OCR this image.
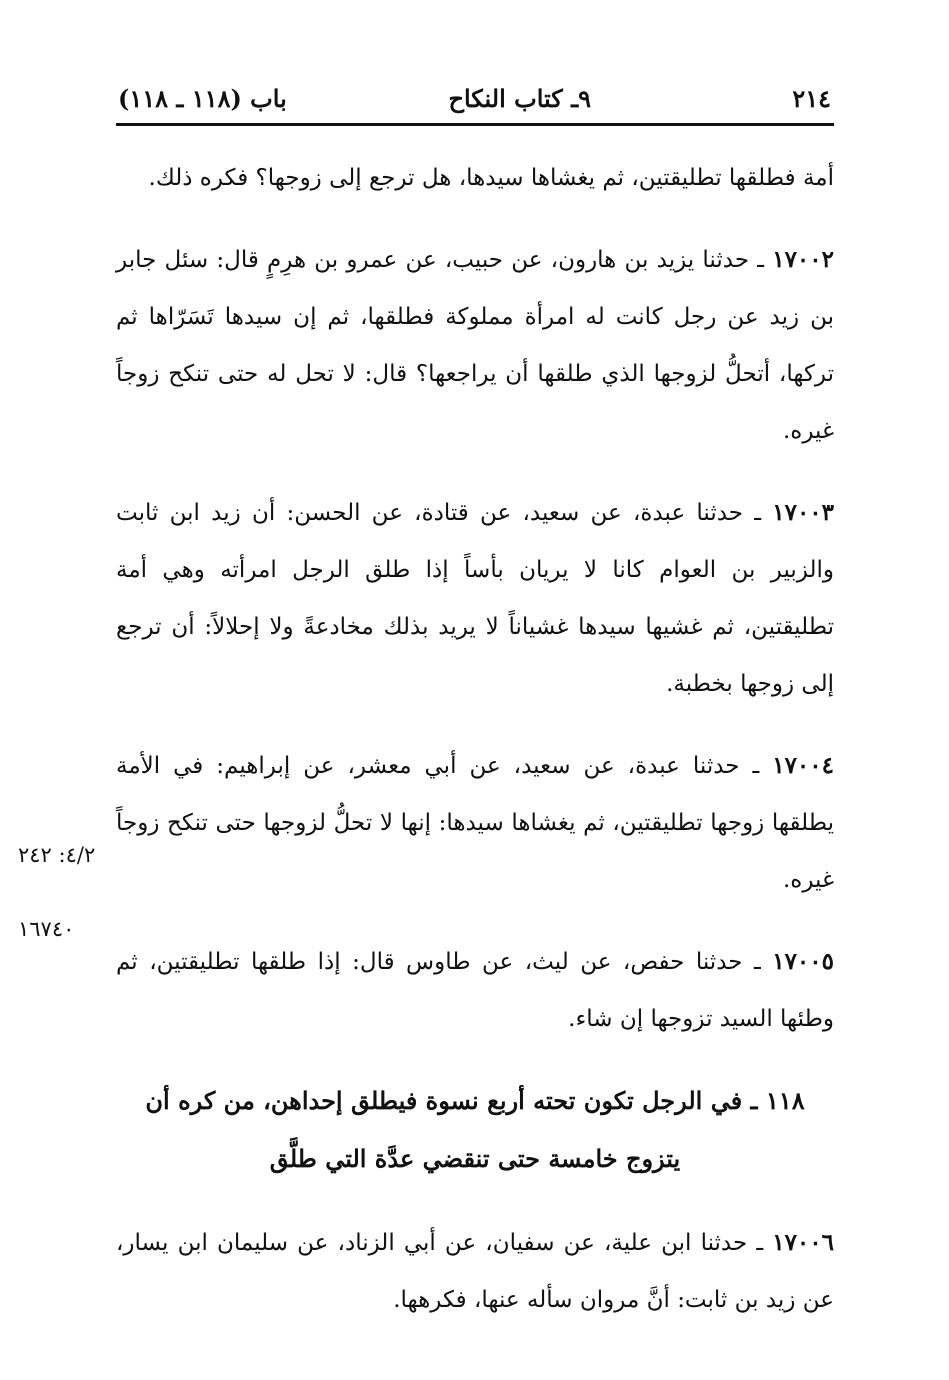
٢١٤
٩ـ كتاب النكاح
باب (١١٨ ـ ١١٨)

أمة فطلقها تطليقتين، ثم يغشاها سيدها، هل ترجع إلى زوجها؟ فكره ذلك.

١٧٠٠٢ ـ حدثنا يزيد بن هارون، عن حبيب، عن عمرو بن هرِمٍ قال: سئل جابر بن زيد عن رجل كانت له امرأة مملوكة فطلقها، ثم إن سيدها تَسَرّاها ثم تركها، أتحلُّ لزوجها الذي طلقها أن يراجعها؟ قال: لا تحل له حتى تنكح زوجاً غيره.

١٧٠٠٣ ـ حدثنا عبدة، عن سعيد، عن قتادة، عن الحسن: أن زيد ابن ثابت والزبير بن العوام كانا لا يريان بأساً إذا طلق الرجل امرأته وهي أمة تطليقتين، ثم غشيها سيدها غشياناً لا يريد بذلك مخادعةً ولا إحلالاً: أن ترجع إلى زوجها بخطبة.

١٧٠٠٤ ـ حدثنا عبدة، عن سعيد، عن أبي معشر، عن إبراهيم: في الأمة يطلقها زوجها تطليقتين، ثم يغشاها سيدها: إنها لا تحلُّ لزوجها حتى تنكح زوجاً غيره.

١٧٠٠٥ ـ حدثنا حفص، عن ليث، عن طاوس قال: إذا طلقها تطليقتين، ثم وطئها السيد تزوجها إن شاء.

١١٨ ـ في الرجل تكون تحته أربع نسوة فيطلق إحداهن، من كره أن
يتزوج خامسة حتى تنقضي عدَّة التي طلَّق

١٧٠٠٦ ـ حدثنا ابن علية، عن سفيان، عن أبي الزناد، عن سليمان ابن يسار، عن زيد بن ثابت: أنَّ مروان سأله عنها، فكرهها.

٤/٢: ٢٤٢
١٦٧٤٠
